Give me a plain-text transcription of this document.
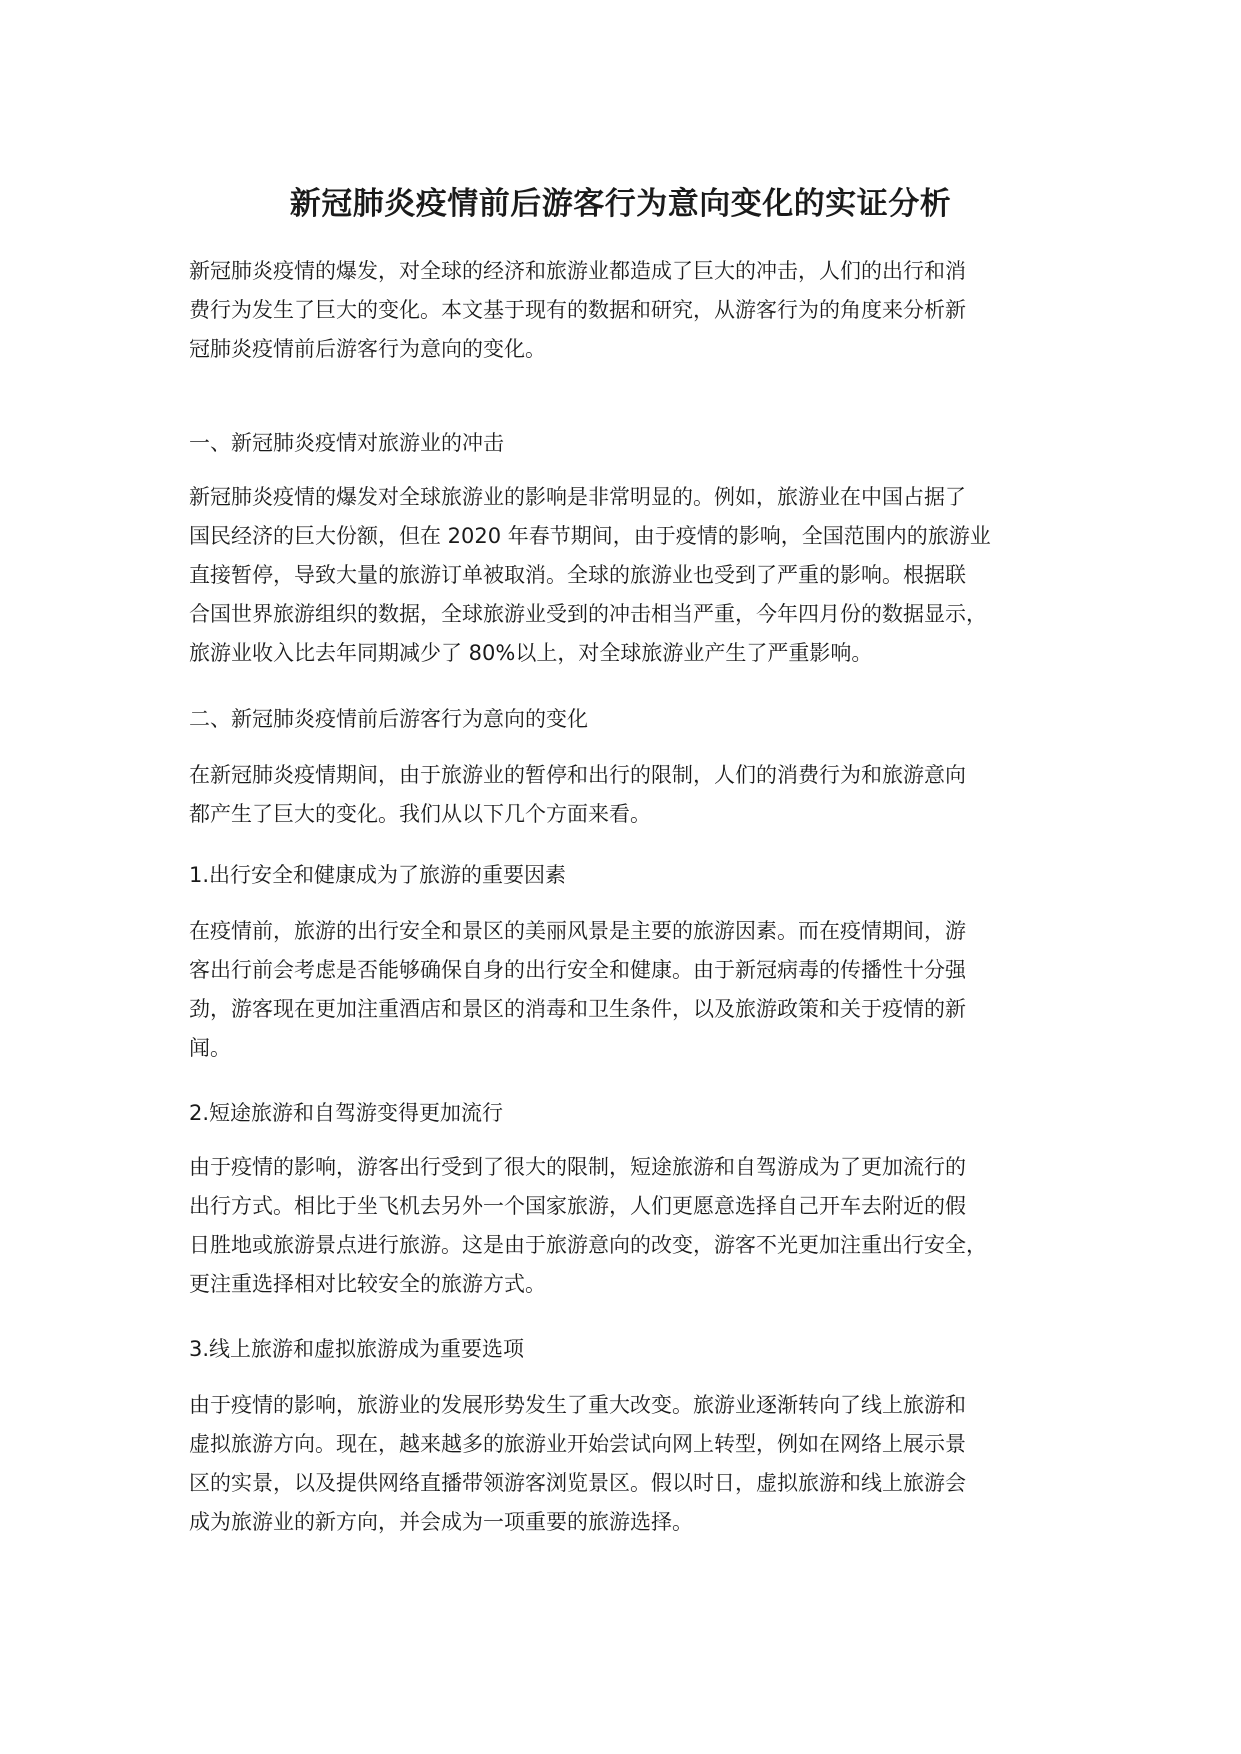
新冠肺炎疫情前后游客行为意向变化的实证分析

新冠肺炎疫情的爆发，对全球的经济和旅游业都造成了巨大的冲击，人们的出行和消
费行为发生了巨大的变化。本文基于现有的数据和研究，从游客行为的角度来分析新
冠肺炎疫情前后游客行为意向的变化。

一、新冠肺炎疫情对旅游业的冲击

新冠肺炎疫情的爆发对全球旅游业的影响是非常明显的。例如，旅游业在中国占据了
国民经济的巨大份额，但在 2020 年春节期间，由于疫情的影响，全国范围内的旅游业
直接暂停，导致大量的旅游订单被取消。全球的旅游业也受到了严重的影响。根据联
合国世界旅游组织的数据，全球旅游业受到的冲击相当严重，今年四月份的数据显示，
旅游业收入比去年同期减少了 80%以上，对全球旅游业产生了严重影响。

二、新冠肺炎疫情前后游客行为意向的变化

在新冠肺炎疫情期间，由于旅游业的暂停和出行的限制，人们的消费行为和旅游意向
都产生了巨大的变化。我们从以下几个方面来看。

1.出行安全和健康成为了旅游的重要因素

在疫情前，旅游的出行安全和景区的美丽风景是主要的旅游因素。而在疫情期间，游
客出行前会考虑是否能够确保自身的出行安全和健康。由于新冠病毒的传播性十分强
劲，游客现在更加注重酒店和景区的消毒和卫生条件，以及旅游政策和关于疫情的新
闻。

2.短途旅游和自驾游变得更加流行

由于疫情的影响，游客出行受到了很大的限制，短途旅游和自驾游成为了更加流行的
出行方式。相比于坐飞机去另外一个国家旅游，人们更愿意选择自己开车去附近的假
日胜地或旅游景点进行旅游。这是由于旅游意向的改变，游客不光更加注重出行安全，
更注重选择相对比较安全的旅游方式。

3.线上旅游和虚拟旅游成为重要选项

由于疫情的影响，旅游业的发展形势发生了重大改变。旅游业逐渐转向了线上旅游和
虚拟旅游方向。现在，越来越多的旅游业开始尝试向网上转型，例如在网络上展示景
区的实景，以及提供网络直播带领游客浏览景区。假以时日，虚拟旅游和线上旅游会
成为旅游业的新方向，并会成为一项重要的旅游选择。
